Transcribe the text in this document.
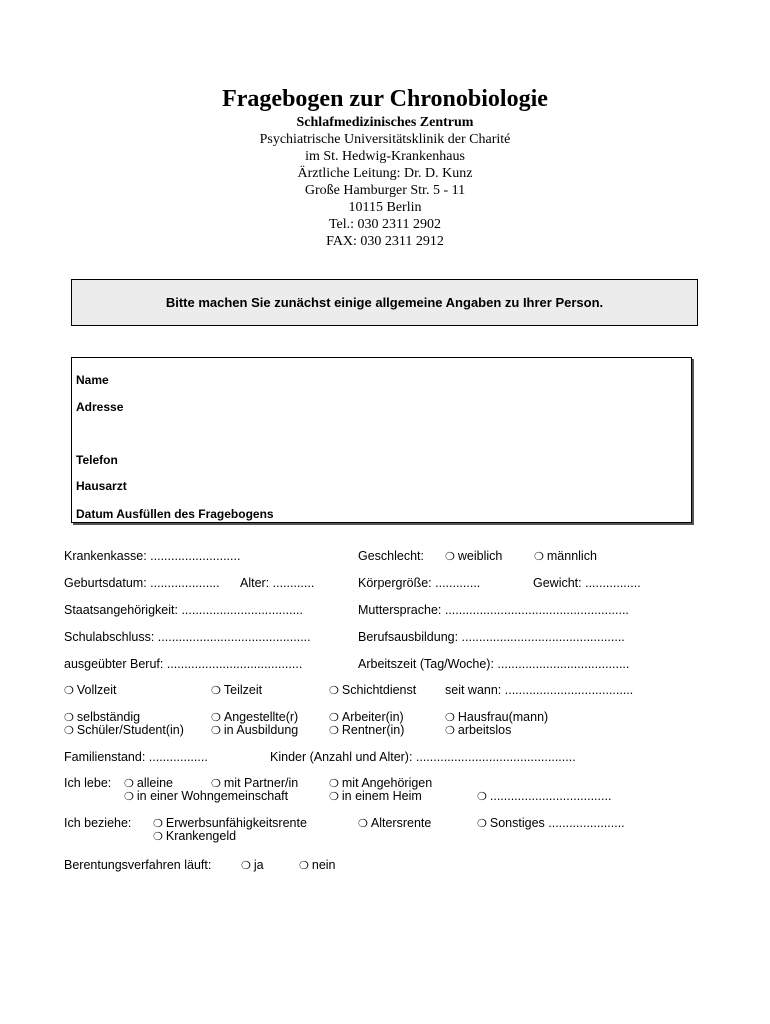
Fragebogen zur Chronobiologie
Schlafmedizinisches Zentrum
Psychiatrische Universitätsklinik der Charité
im St. Hedwig-Krankenhaus
Ärztliche Leitung: Dr. D. Kunz
Große Hamburger Str. 5 - 11
10115 Berlin
Tel.: 030 2311 2902
FAX: 030 2311 2912
Bitte machen Sie zunächst einige allgemeine Angaben zu Ihrer Person.
Name
Adresse
Telefon
Hausarzt
Datum Ausfüllen des Fragebogens
Krankenkasse: ..........................	Geschlecht: ❍ weiblich	❍ männlich
Geburtsdatum: .................... Alter: ............	Körpergröße: .............	Gewicht: ................
Staatsangehörigkeit: ...................................	Muttersprache: .....................................................
Schulabschluss: ............................................	Berufsausbildung: ...............................................
ausgeübter Beruf: .......................................	Arbeitszeit (Tag/Woche): ......................................
❍ Vollzeit	❍ Teilzeit	❍ Schichtdienst seit wann: .....................................
❍ selbständig	❍ Angestellte(r)	❍ Arbeiter(in)	❍ Hausfrau(mann)
❍ Schüler/Student(in) ❍ in Ausbildung	❍ Rentner(in)	❍ arbeitslos
Familienstand: .................	Kinder (Anzahl und Alter): ..............................................
Ich lebe: ❍ alleine	❍ mit Partner/in	❍ mit Angehörigen
❍ in einer Wohngemeinschaft	❍ in einem Heim	❍ ...................................
Ich beziehe: ❍ Erwerbsunfähigkeitsrente	❍ Altersrente	❍ Sonstiges ......................
❍ Krankengeld
Berentungsverfahren läuft:	❍ ja	❍ nein
